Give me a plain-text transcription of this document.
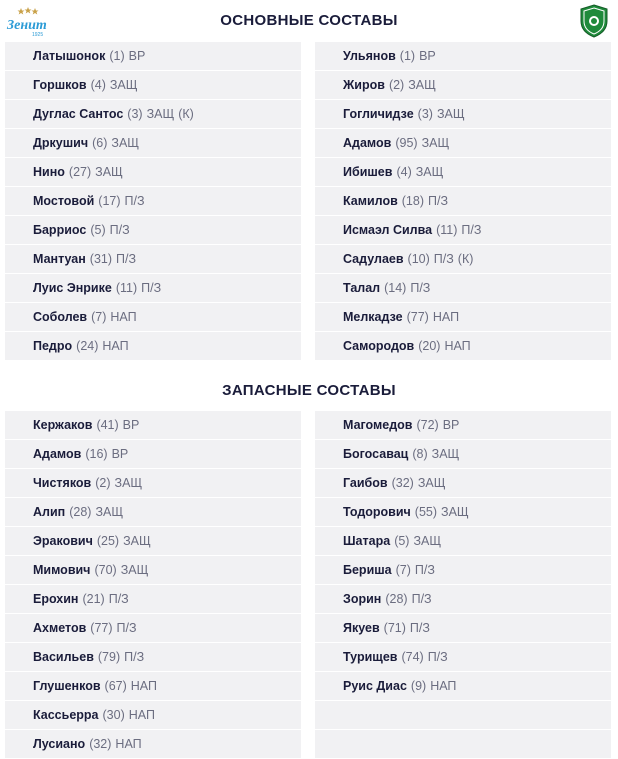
Зенит
1925
ОСНОВНЫЕ СОСТАВЫ
Латышонок (1) ВР
Горшков (4) ЗАЩ
Дуглас Сантос (3) ЗАЩ (К)
Дркушич (6) ЗАЩ
Нино (27) ЗАЩ
Мостовой (17) П/З
Барриос (5) П/З
Мантуан (31) П/З
Луис Энрике (11) П/З
Соболев (7) НАП
Педро (24) НАП
Ульянов (1) ВР
Жиров (2) ЗАЩ
Гогличидзе (3) ЗАЩ
Адамов (95) ЗАЩ
Ибишев (4) ЗАЩ
Камилов (18) П/З
Исмаэл Силва (11) П/З
Садулаев (10) П/З (К)
Талал (14) П/З
Мелкадзе (77) НАП
Самородов (20) НАП
ЗАПАСНЫЕ СОСТАВЫ
Кержаков (41) ВР
Адамов (16) ВР
Чистяков (2) ЗАЩ
Алип (28) ЗАЩ
Эракович (25) ЗАЩ
Мимович (70) ЗАЩ
Ерохин (21) П/З
Ахметов (77) П/З
Васильев (79) П/З
Глушенков (67) НАП
Кассьерра (30) НАП
Лусиано (32) НАП
Магомедов (72) ВР
Богосавац (8) ЗАЩ
Гаибов (32) ЗАЩ
Тодорович (55) ЗАЩ
Шатара (5) ЗАЩ
Бериша (7) П/З
Зорин (28) П/З
Якуев (71) П/З
Турищев (74) П/З
Руис Диас (9) НАП
